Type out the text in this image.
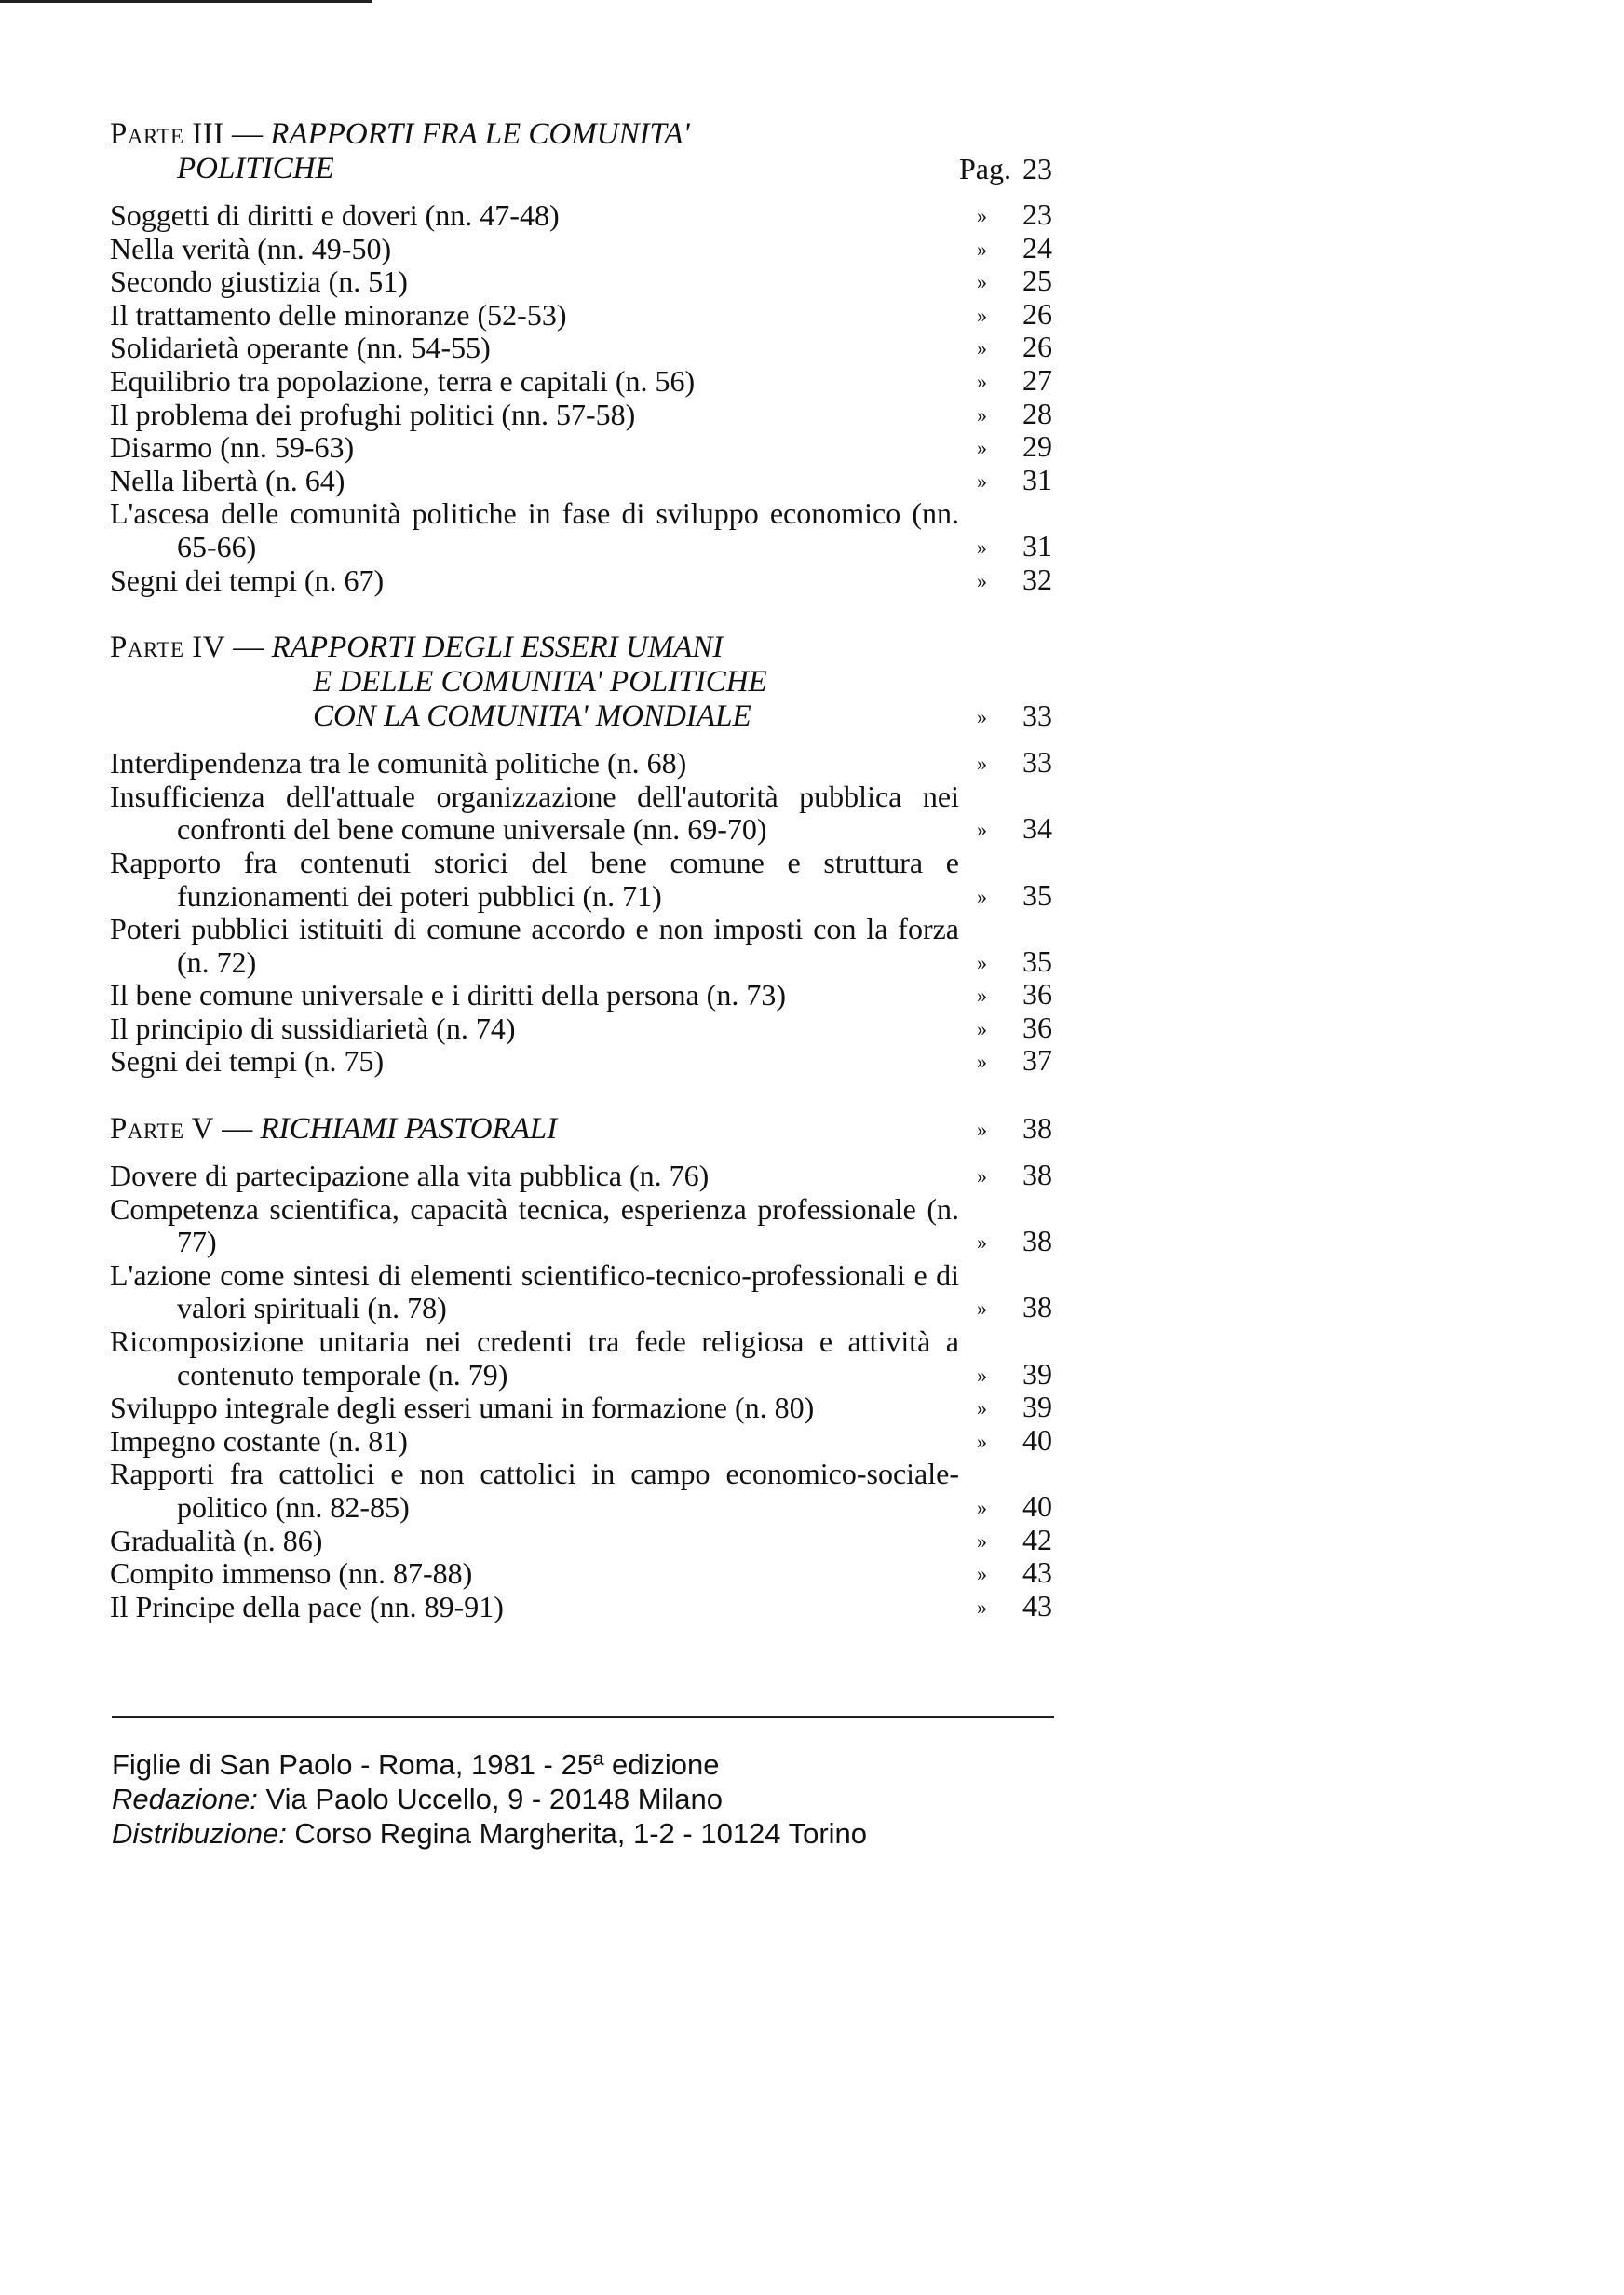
Parte III — RAPPORTI FRA LE COMUNITA'
POLITICHE	Pag. 23
Soggetti di diritti e doveri (nn. 47-48)	» 23
Nella verità (nn. 49-50)	» 24
Secondo giustizia (n. 51)	» 25
Il trattamento delle minoranze (52-53)	» 26
Solidarietà operante (nn. 54-55)	» 26
Equilibrio tra popolazione, terra e capitali (n. 56)	» 27
Il problema dei profughi politici (nn. 57-58)	» 28
Disarmo (nn. 59-63)	» 29
Nella libertà (n. 64)	» 31
L'ascesa delle comunità politiche in fase di sviluppo economico (nn. 65-66)	» 31
Segni dei tempi (n. 67)	» 32
Parte IV — RAPPORTI DEGLI ESSERI UMANI
E DELLE COMUNITA' POLITICHE
CON LA COMUNITA' MONDIALE	» 33
Interdipendenza tra le comunità politiche (n. 68)	» 33
Insufficienza dell'attuale organizzazione dell'autorità pubblica nei confronti del bene comune universale (nn. 69-70)	» 34
Rapporto fra contenuti storici del bene comune e struttura e funzionamenti dei poteri pubblici (n. 71)	» 35
Poteri pubblici istituiti di comune accordo e non imposti con la forza (n. 72)	» 35
Il bene comune universale e i diritti della persona (n. 73)	» 36
Il principio di sussidiarietà (n. 74)	» 36
Segni dei tempi (n. 75)	» 37
Parte V — RICHIAMI PASTORALI	» 38
Dovere di partecipazione alla vita pubblica (n. 76)	» 38
Competenza scientifica, capacità tecnica, esperienza professionale (n. 77)	» 38
L'azione come sintesi di elementi scientifico-tecnico-professionali e di valori spirituali (n. 78)	» 38
Ricomposizione unitaria nei credenti tra fede religiosa e attività a contenuto temporale (n. 79)	» 39
Sviluppo integrale degli esseri umani in formazione (n. 80)	» 39
Impegno costante (n. 81)	» 40
Rapporti fra cattolici e non cattolici in campo economico-sociale-politico (nn. 82-85)	» 40
Gradualità (n. 86)	» 42
Compito immenso (nn. 87-88)	» 43
Il Principe della pace (nn. 89-91)	» 43
Figlie di San Paolo - Roma, 1981 - 25ª edizione
Redazione: Via Paolo Uccello, 9 - 20148 Milano
Distribuzione: Corso Regina Margherita, 1-2 - 10124 Torino
